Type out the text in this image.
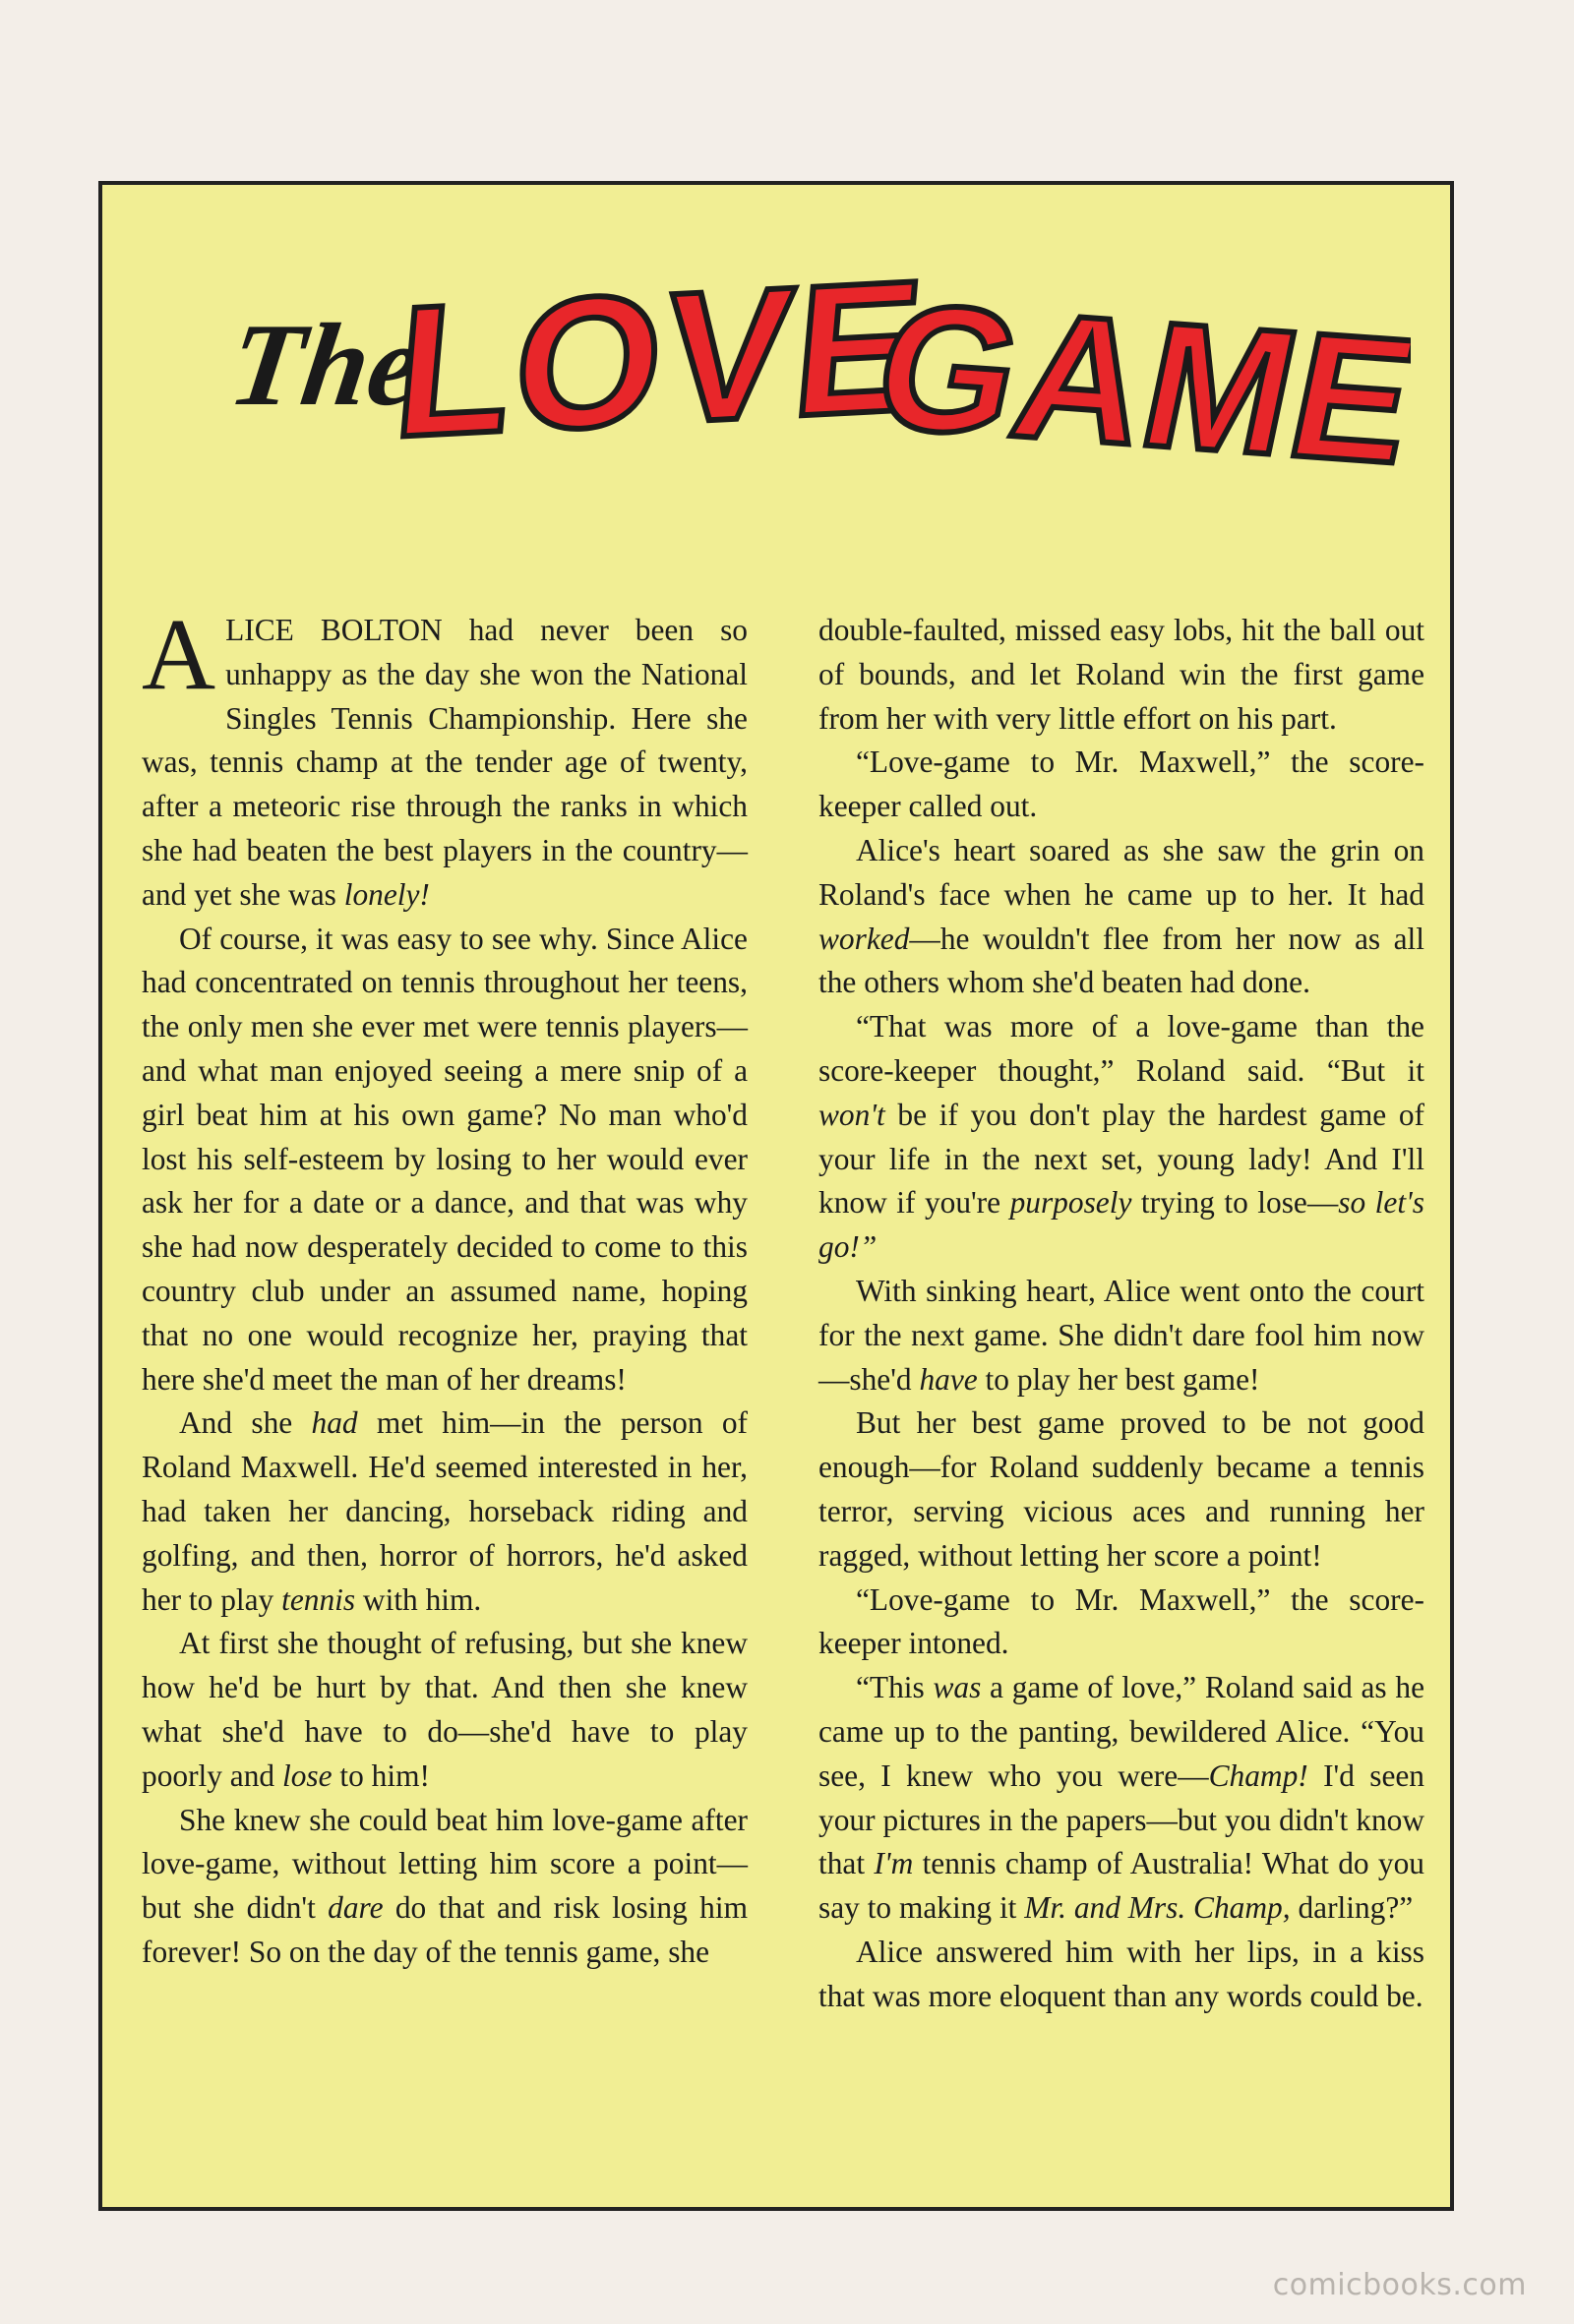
The
LOVE
GAME

ALICE BOLTON had never been so unhappy as the day she won the National Singles Tennis Championship. Here she was, tennis champ at the tender age of twenty, after a meteoric rise through the ranks in which she had beaten the best players in the country—and yet she was lonely!

Of course, it was easy to see why. Since Alice had concentrated on tennis throughout her teens, the only men she ever met were tennis players—and what man enjoyed seeing a mere snip of a girl beat him at his own game? No man who'd lost his self-esteem by losing to her would ever ask her for a date or a dance, and that was why she had now desperately decided to come to this country club under an assumed name, hoping that no one would recognize her, praying that here she'd meet the man of her dreams!

And she had met him—in the person of Roland Maxwell. He'd seemed interested in her, had taken her dancing, horseback riding and golfing, and then, horror of horrors, he'd asked her to play tennis with him.

At first she thought of refusing, but she knew how he'd be hurt by that. And then she knew what she'd have to do—she'd have to play poorly and lose to him!

She knew she could beat him love-game after love-game, without letting him score a point—but she didn't dare do that and risk losing him forever! So on the day of the tennis game, she

double-faulted, missed easy lobs, hit the ball out of bounds, and let Roland win the first game from her with very little effort on his part.

“Love-game to Mr. Maxwell,” the score-keeper called out.

Alice's heart soared as she saw the grin on Roland's face when he came up to her. It had worked—he wouldn't flee from her now as all the others whom she'd beaten had done.

“That was more of a love-game than the score-keeper thought,” Roland said. “But it won't be if you don't play the hardest game of your life in the next set, young lady! And I'll know if you're purposely trying to lose—so let's go!”

With sinking heart, Alice went onto the court for the next game. She didn't dare fool him now—she'd have to play her best game!

But her best game proved to be not good enough—for Roland suddenly became a tennis terror, serving vicious aces and running her ragged, without letting her score a point!

“Love-game to Mr. Maxwell,” the score-keeper intoned.

“This was a game of love,” Roland said as he came up to the panting, bewildered Alice. “You see, I knew who you were—Champ! I'd seen your pictures in the papers—but you didn't know that I'm tennis champ of Australia! What do you say to making it Mr. and Mrs. Champ, darling?”

Alice answered him with her lips, in a kiss that was more eloquent than any words could be.

comicbooks.com
